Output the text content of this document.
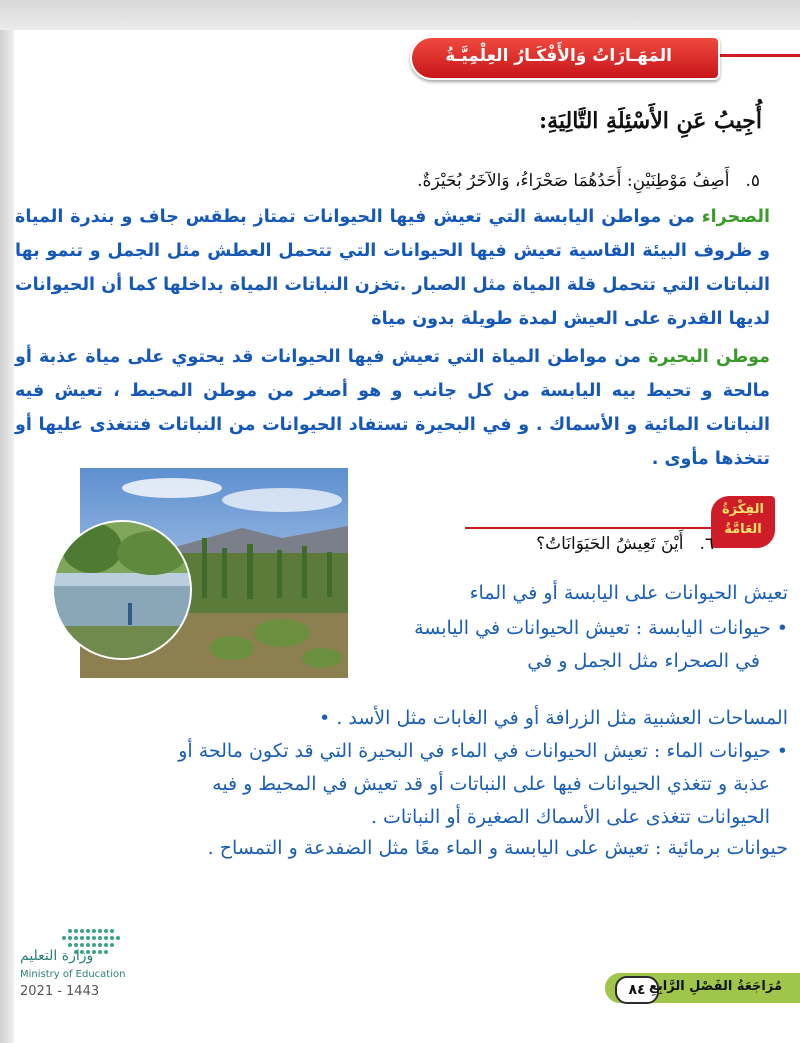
المَهَـارَاتُ وَالأَفْكَـارُ العِلْمِيَّـةُ
أُجِيبُ عَنِ الأَسْئِلَةِ التَّالِيَةِ:
٥.أَصِفُ مَوْطِنَيْنِ: أَحَدُهُمَا صَحْرَاءُ، وَالآخَرُ بُحَيْرَةٌ.
الصحراء من مواطن اليابسة التي تعيش فيها الحيوانات تمتاز بطقس جاف و بندرة المياة و ظروف البيئة القاسية تعيش فيها الحيوانات التي تتحمل العطش مثل الجمل و تنمو بها النباتات التي تتحمل قلة المياة مثل الصبار .تخزن النباتات المياة بداخلها كما أن الحيوانات لديها القدرة على العيش لمدة طويلة بدون مياة
موطن البحيرة من مواطن المياة التي تعيش فيها الحيوانات قد يحتوي على مياة عذبة أو مالحة و تحيط بيه اليابسة من كل جانب و هو أصغر من موطن المحيط ، تعيش فيه النباتات المائية و الأسماك . و في البحيرة تستفاد الحيوانات من النباتات فتتغذى عليها أو تتخذها مأوى .
الفِكْرَةُ
العَامَّةُ
٦.أَيْنَ تَعِيشُ الحَيَوَانَاتُ؟
تعيش الحيوانات على اليابسة أو في الماء
• حيوانات اليابسة : تعيش الحيوانات في اليابسة
في الصحراء مثل الجمل و في
المساحات العشبية مثل الزرافة أو في الغابات مثل الأسد . •
• حيوانات الماء : تعيش الحيوانات في الماء في البحيرة التي قد تكون مالحة أو
عذبة و تتغذي الحيوانات فيها على النباتات أو قد تعيش في المحيط و فيه
الحيوانات تتغذى على الأسماك الصغيرة أو النباتات .
حيوانات برمائية : تعيش على اليابسة و الماء معًا مثل الضفدعة و التمساح .
وزارة التعليم
Ministry of Education
2021 - 1443	٨٤ مُرَاجَعَةُ الفَصْلِ الرَّابِعِ
